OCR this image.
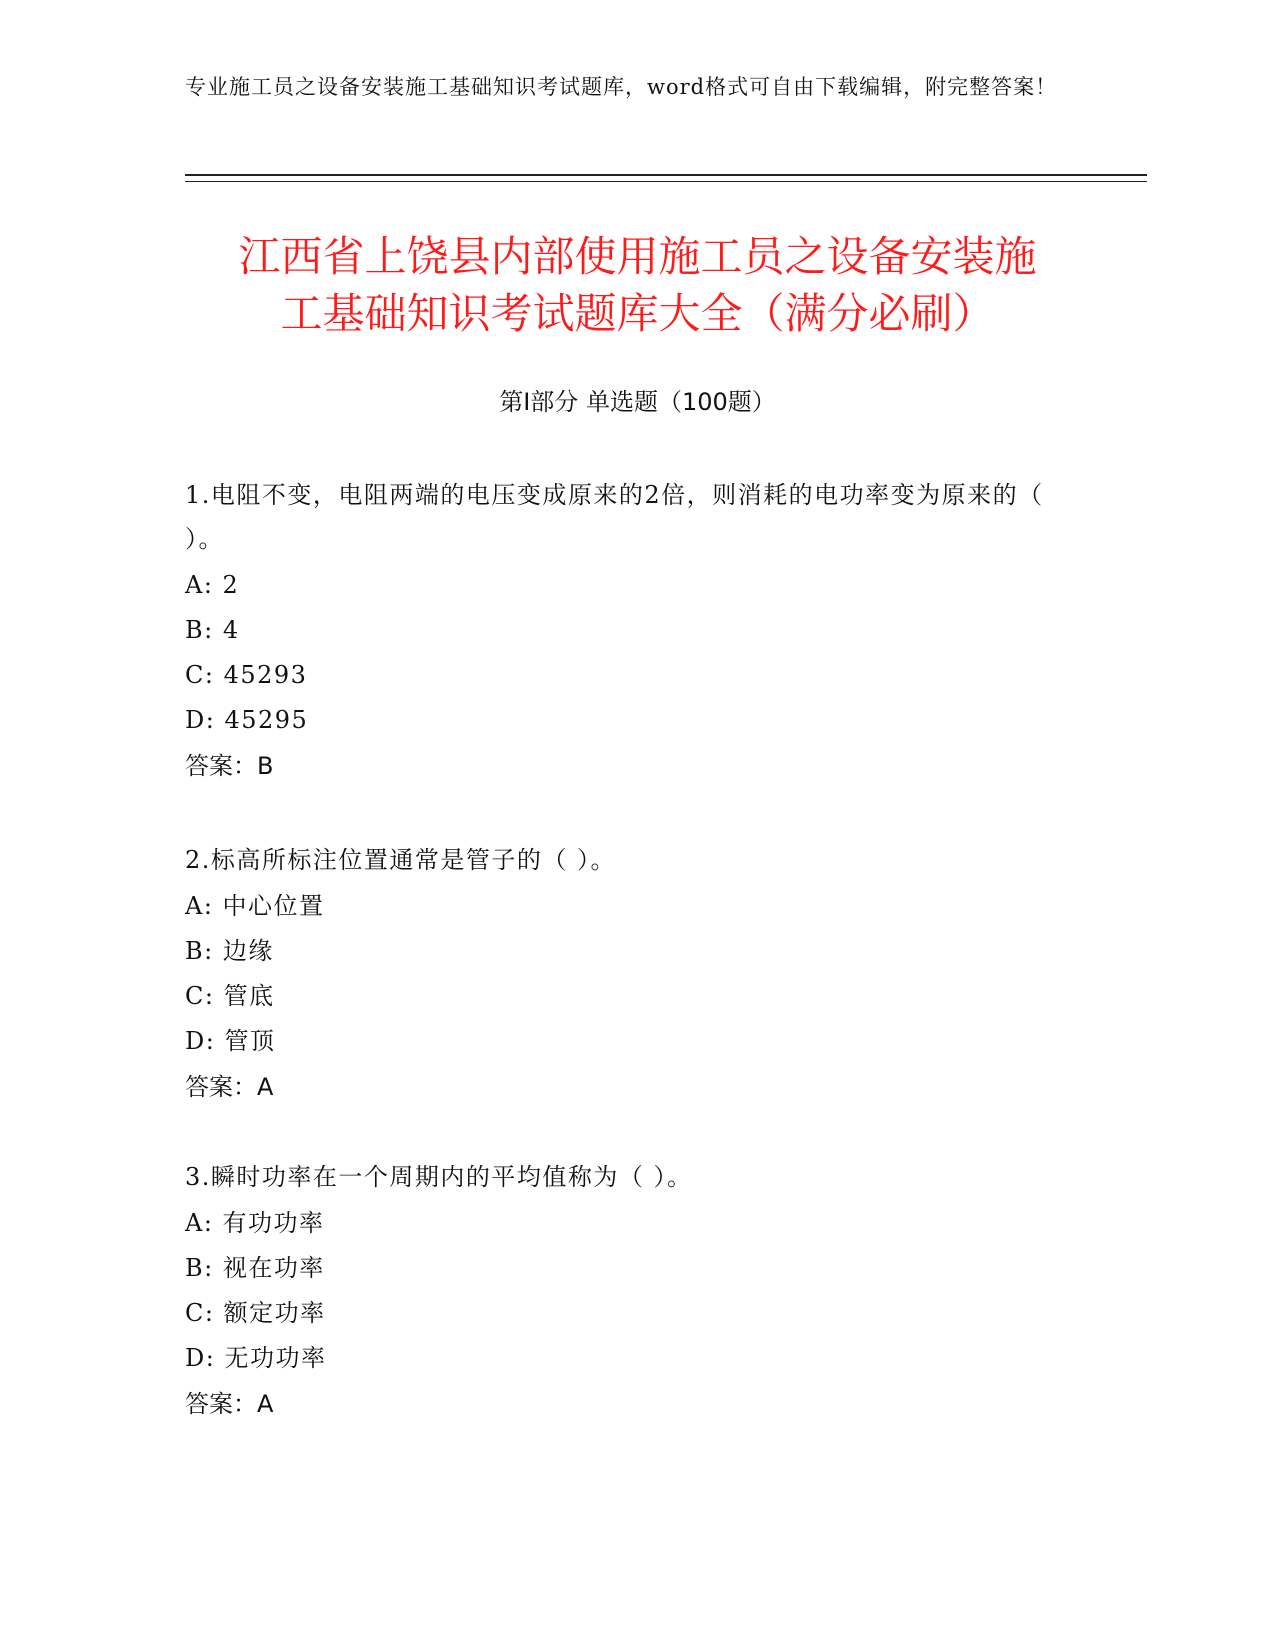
专业施工员之设备安装施工基础知识考试题库，word格式可自由下载编辑，附完整答案！

江西省上饶县内部使用施工员之设备安装施
工基础知识考试题库大全（满分必刷）
第Ⅰ部分 单选题（100题）

1.电阻不变，电阻两端的电压变成原来的2倍，则消耗的电功率变为原来的（ ）。

A: 2
B: 4
C: 45293
D: 45295
答案：B

2.标高所标注位置通常是管子的（ ）。

A: 中心位置
B: 边缘
C: 管底
D: 管顶
答案：A

3.瞬时功率在一个周期内的平均值称为（ ）。

A: 有功功率
B: 视在功率
C: 额定功率
D: 无功功率
答案：A
